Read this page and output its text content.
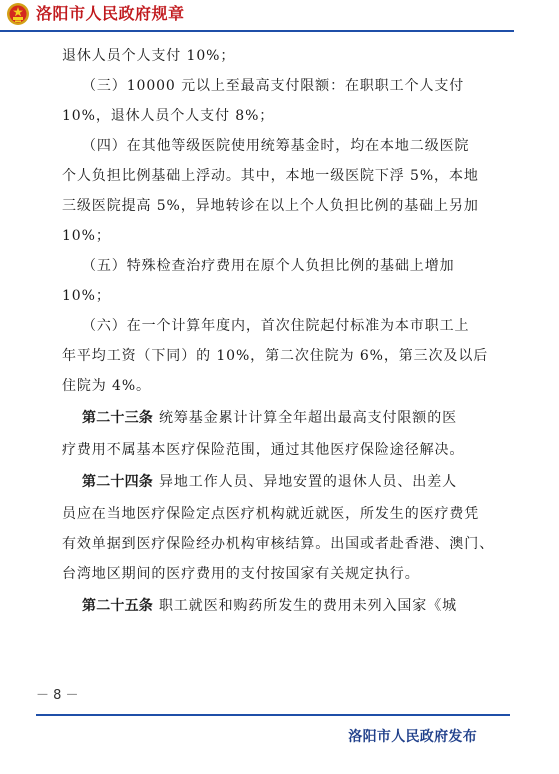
洛阳市人民政府规章
退休人员个人支付 10%；
（三）10000 元以上至最高支付限额：在职职工个人支付
10%，退休人员个人支付 8%；
（四）在其他等级医院使用统筹基金时，均在本地二级医院
个人负担比例基础上浮动。其中，本地一级医院下浮 5%，本地
三级医院提高 5%，异地转诊在以上个人负担比例的基础上另加
10%；
（五）特殊检查治疗费用在原个人负担比例的基础上增加
10%；
（六）在一个计算年度内，首次住院起付标准为本市职工上
年平均工资（下同）的 10%，第二次住院为 6%，第三次及以后
住院为 4%。
第二十三条 统筹基金累计计算全年超出最高支付限额的医
疗费用不属基本医疗保险范围，通过其他医疗保险途径解决。
第二十四条 异地工作人员、异地安置的退休人员、出差人
员应在当地医疗保险定点医疗机构就近就医，所发生的医疗费凭
有效单据到医疗保险经办机构审核结算。出国或者赴香港、澳门、
台湾地区期间的医疗费用的支付按国家有关规定执行。
第二十五条 职工就医和购药所发生的费用未列入国家《城
－ 8 －
洛阳市人民政府发布
